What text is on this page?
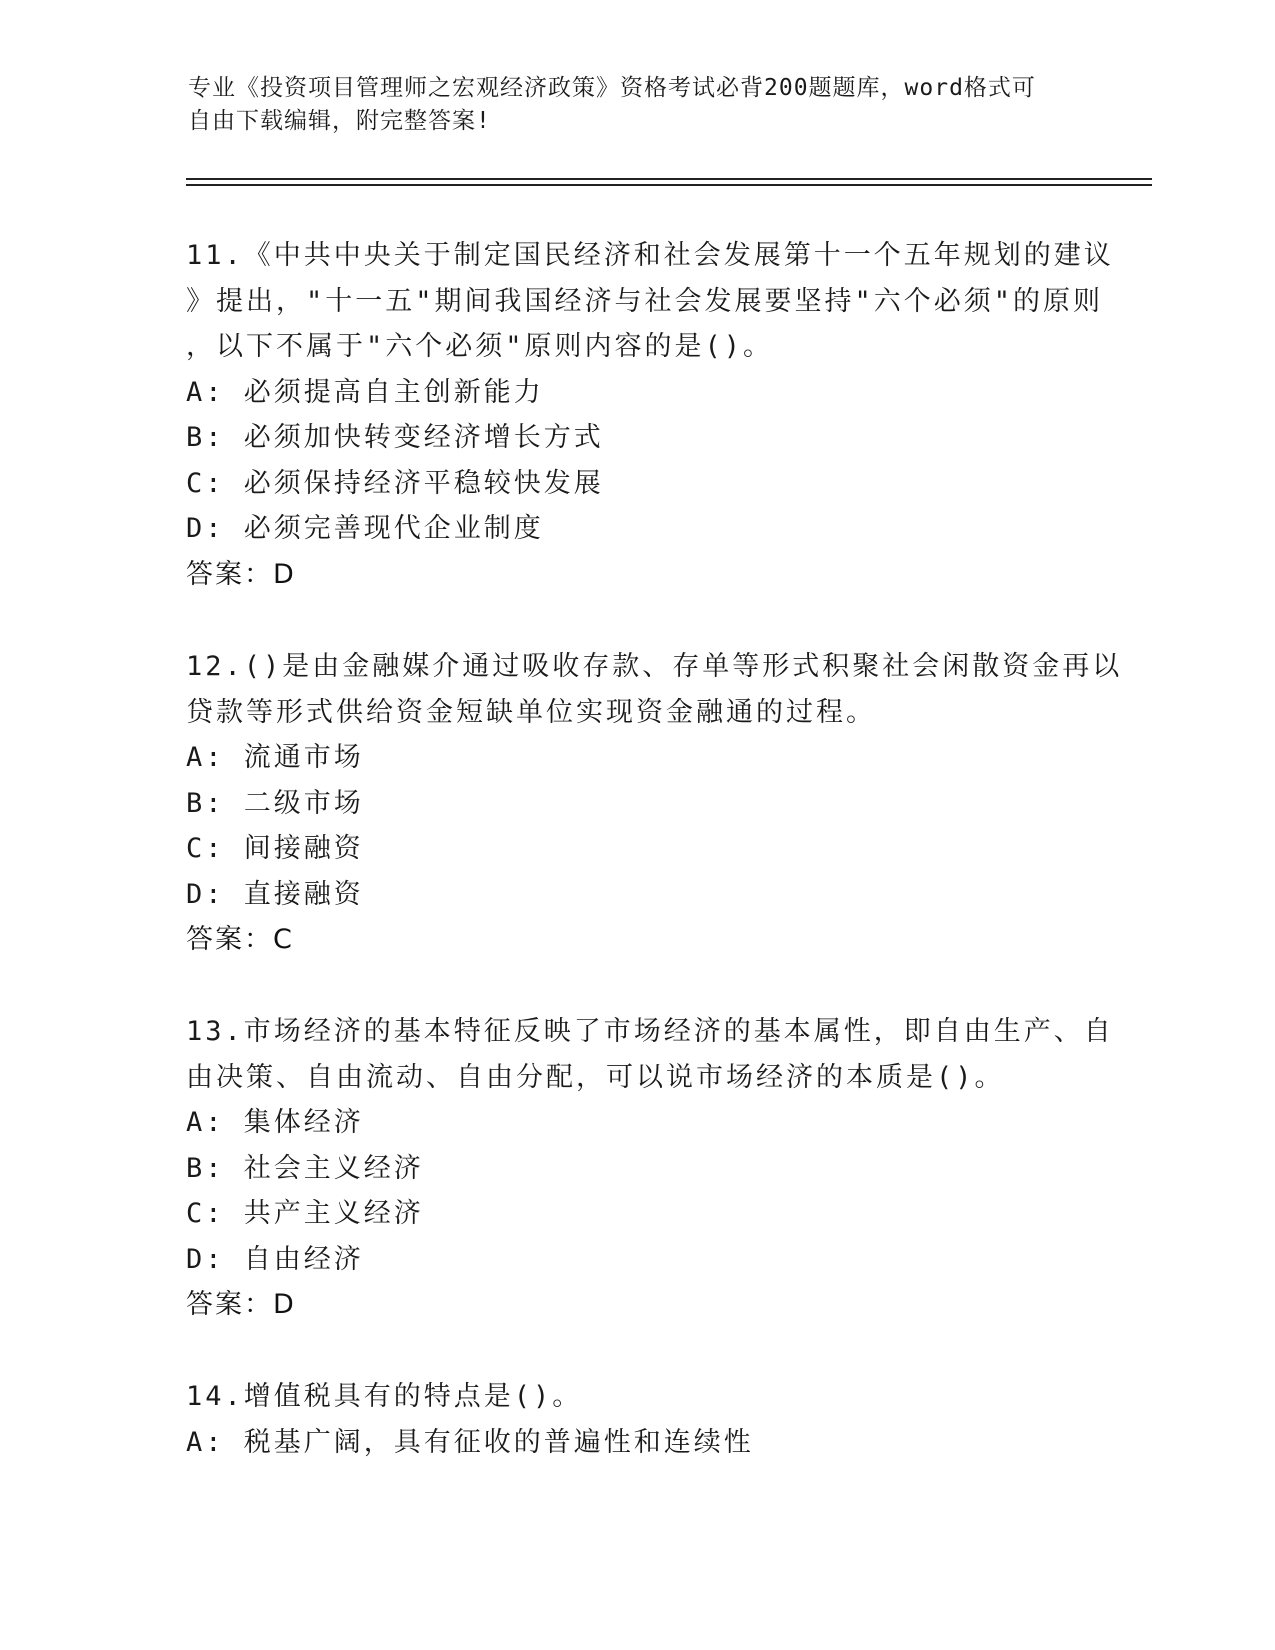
专业《投资项目管理师之宏观经济政策》资格考试必背200题题库，word格式可
自由下载编辑，附完整答案!
11.《中共中央关于制定国民经济和社会发展第十一个五年规划的建议
》提出，"十一五"期间我国经济与社会发展要坚持"六个必须"的原则
，以下不属于"六个必须"原则内容的是()。
A: 必须提高自主创新能力
B: 必须加快转变经济增长方式
C: 必须保持经济平稳较快发展
D: 必须完善现代企业制度
答案：D
12.()是由金融媒介通过吸收存款、存单等形式积聚社会闲散资金再以
贷款等形式供给资金短缺单位实现资金融通的过程。
A: 流通市场
B: 二级市场
C: 间接融资
D: 直接融资
答案：C
13.市场经济的基本特征反映了市场经济的基本属性，即自由生产、自
由决策、自由流动、自由分配，可以说市场经济的本质是()。
A: 集体经济
B: 社会主义经济
C: 共产主义经济
D: 自由经济
答案：D
14.增值税具有的特点是()。
A: 税基广阔，具有征收的普遍性和连续性
